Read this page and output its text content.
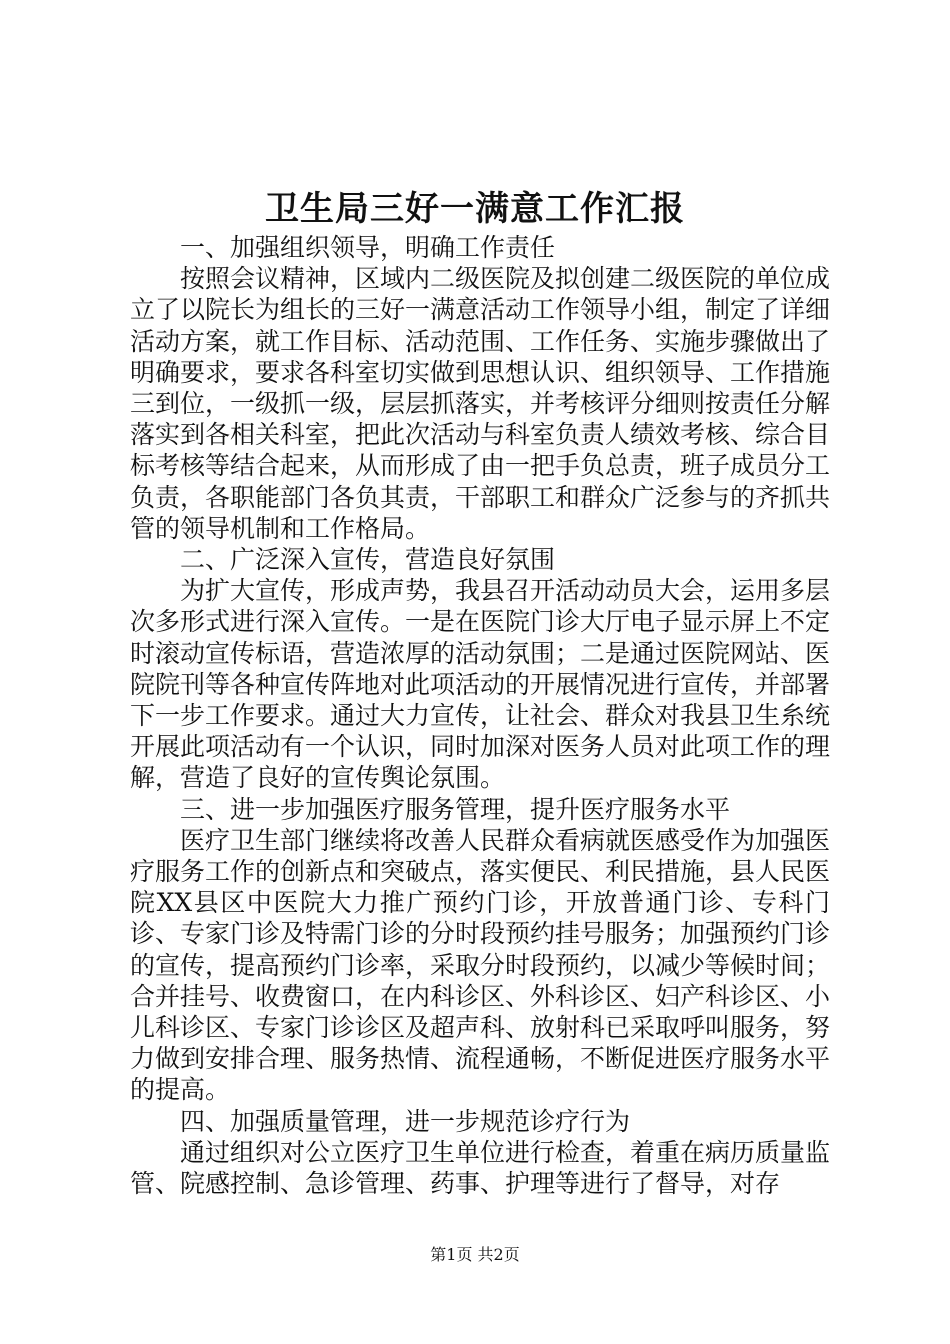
卫生局三好一满意工作汇报

一、加强组织领导，明确工作责任

按照会议精神，区域内二级医院及拟创建二级医院的单位成立了以院长为组长的三好一满意活动工作领导小组，制定了详细活动方案，就工作目标、活动范围、工作任务、实施步骤做出了明确要求，要求各科室切实做到思想认识、组织领导、工作措施三到位，一级抓一级，层层抓落实，并考核评分细则按责任分解落实到各相关科室，把此次活动与科室负责人绩效考核、综合目标考核等结合起来，从而形成了由一把手负总责，班子成员分工负责，各职能部门各负其责，干部职工和群众广泛参与的齐抓共管的领导机制和工作格局。

二、广泛深入宣传，营造良好氛围

为扩大宣传，形成声势，我县召开活动动员大会，运用多层次多形式进行深入宣传。一是在医院门诊大厅电子显示屏上不定时滚动宣传标语，营造浓厚的活动氛围；二是通过医院网站、医院院刊等各种宣传阵地对此项活动的开展情况进行宣传，并部署下一步工作要求。通过大力宣传，让社会、群众对我县卫生糸统开展此项活动有一个认识，同时加深对医务人员对此项工作的理解，营造了良好的宣传舆论氛围。

三、进一步加强医疗服务管理，提升医疗服务水平

医疗卫生部门继续将改善人民群众看病就医感受作为加强医疗服务工作的创新点和突破点，落实便民、利民措施，县人民医院XX县区中医院大力推广预约门诊，开放普通门诊、专科门诊、专家门诊及特需门诊的分时段预约挂号服务；加强预约门诊的宣传，提高预约门诊率，采取分时段预约，以减少等候时间；合并挂号、收费窗口，在内科诊区、外科诊区、妇产科诊区、小儿科诊区、专家门诊诊区及超声科、放射科已采取呼叫服务，努力做到安排合理、服务热情、流程通畅，不断促进医疗服务水平的提高。

四、加强质量管理，进一步规范诊疗行为

通过组织对公立医疗卫生单位进行检查，着重在病历质量监管、院感控制、急诊管理、药事、护理等进行了督导，对存

第1页 共2页
